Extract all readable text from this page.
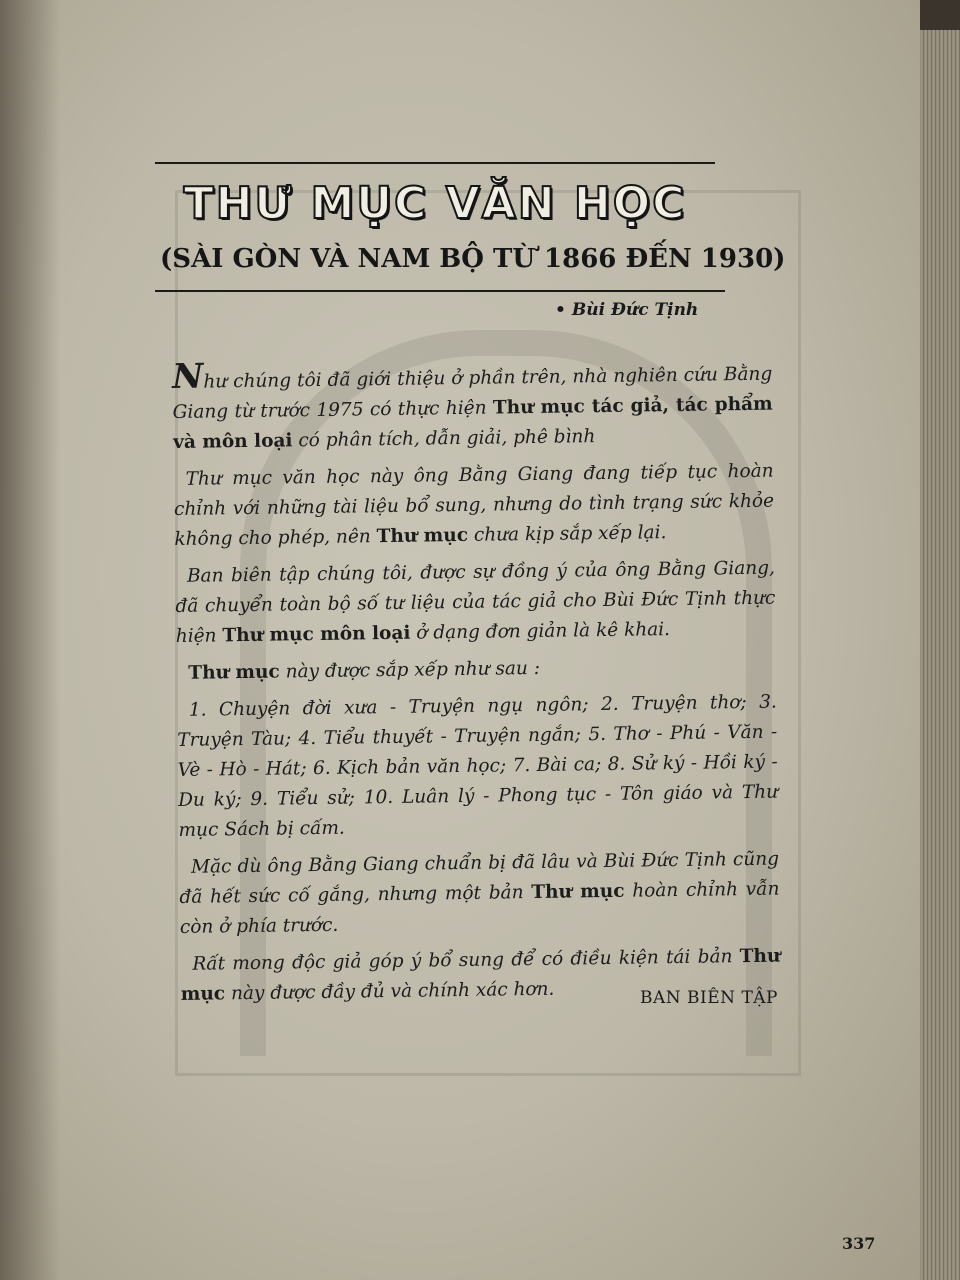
THƯ MỤC VĂN HỌC
(SÀI GÒN VÀ NAM BỘ TỪ 1866 ĐẾN 1930)
• Bùi Đức Tịnh

Như chúng tôi đã giới thiệu ở phần trên, nhà nghiên cứu Bằng Giang từ trước 1975 có thực hiện Thư mục tác giả, tác phẩm và môn loại có phân tích, dẫn giải, phê bình

Thư mục văn học này ông Bằng Giang đang tiếp tục hoàn chỉnh với những tài liệu bổ sung, nhưng do tình trạng sức khỏe không cho phép, nên Thư mục chưa kịp sắp xếp lại.

Ban biên tập chúng tôi, được sự đồng ý của ông Bằng Giang, đã chuyển toàn bộ số tư liệu của tác giả cho Bùi Đức Tịnh thực hiện Thư mục môn loại ở dạng đơn giản là kê khai.

Thư mục này được sắp xếp như sau :

1. Chuyện đời xưa - Truyện ngụ ngôn; 2. Truyện thơ; 3. Truyện Tàu; 4. Tiểu thuyết - Truyện ngắn; 5. Thơ - Phú - Văn - Vè - Hò - Hát; 6. Kịch bản văn học; 7. Bài ca; 8. Sử ký - Hồi ký - Du ký; 9. Tiểu sử; 10. Luân lý - Phong tục - Tôn giáo và Thư mục Sách bị cấm.

Mặc dù ông Bằng Giang chuẩn bị đã lâu và Bùi Đức Tịnh cũng đã hết sức cố gắng, nhưng một bản Thư mục hoàn chỉnh vẫn còn ở phía trước.

Rất mong độc giả góp ý bổ sung để có điều kiện tái bản Thư mục này được đầy đủ và chính xác hơn.	BAN BIÊN TẬP
337
